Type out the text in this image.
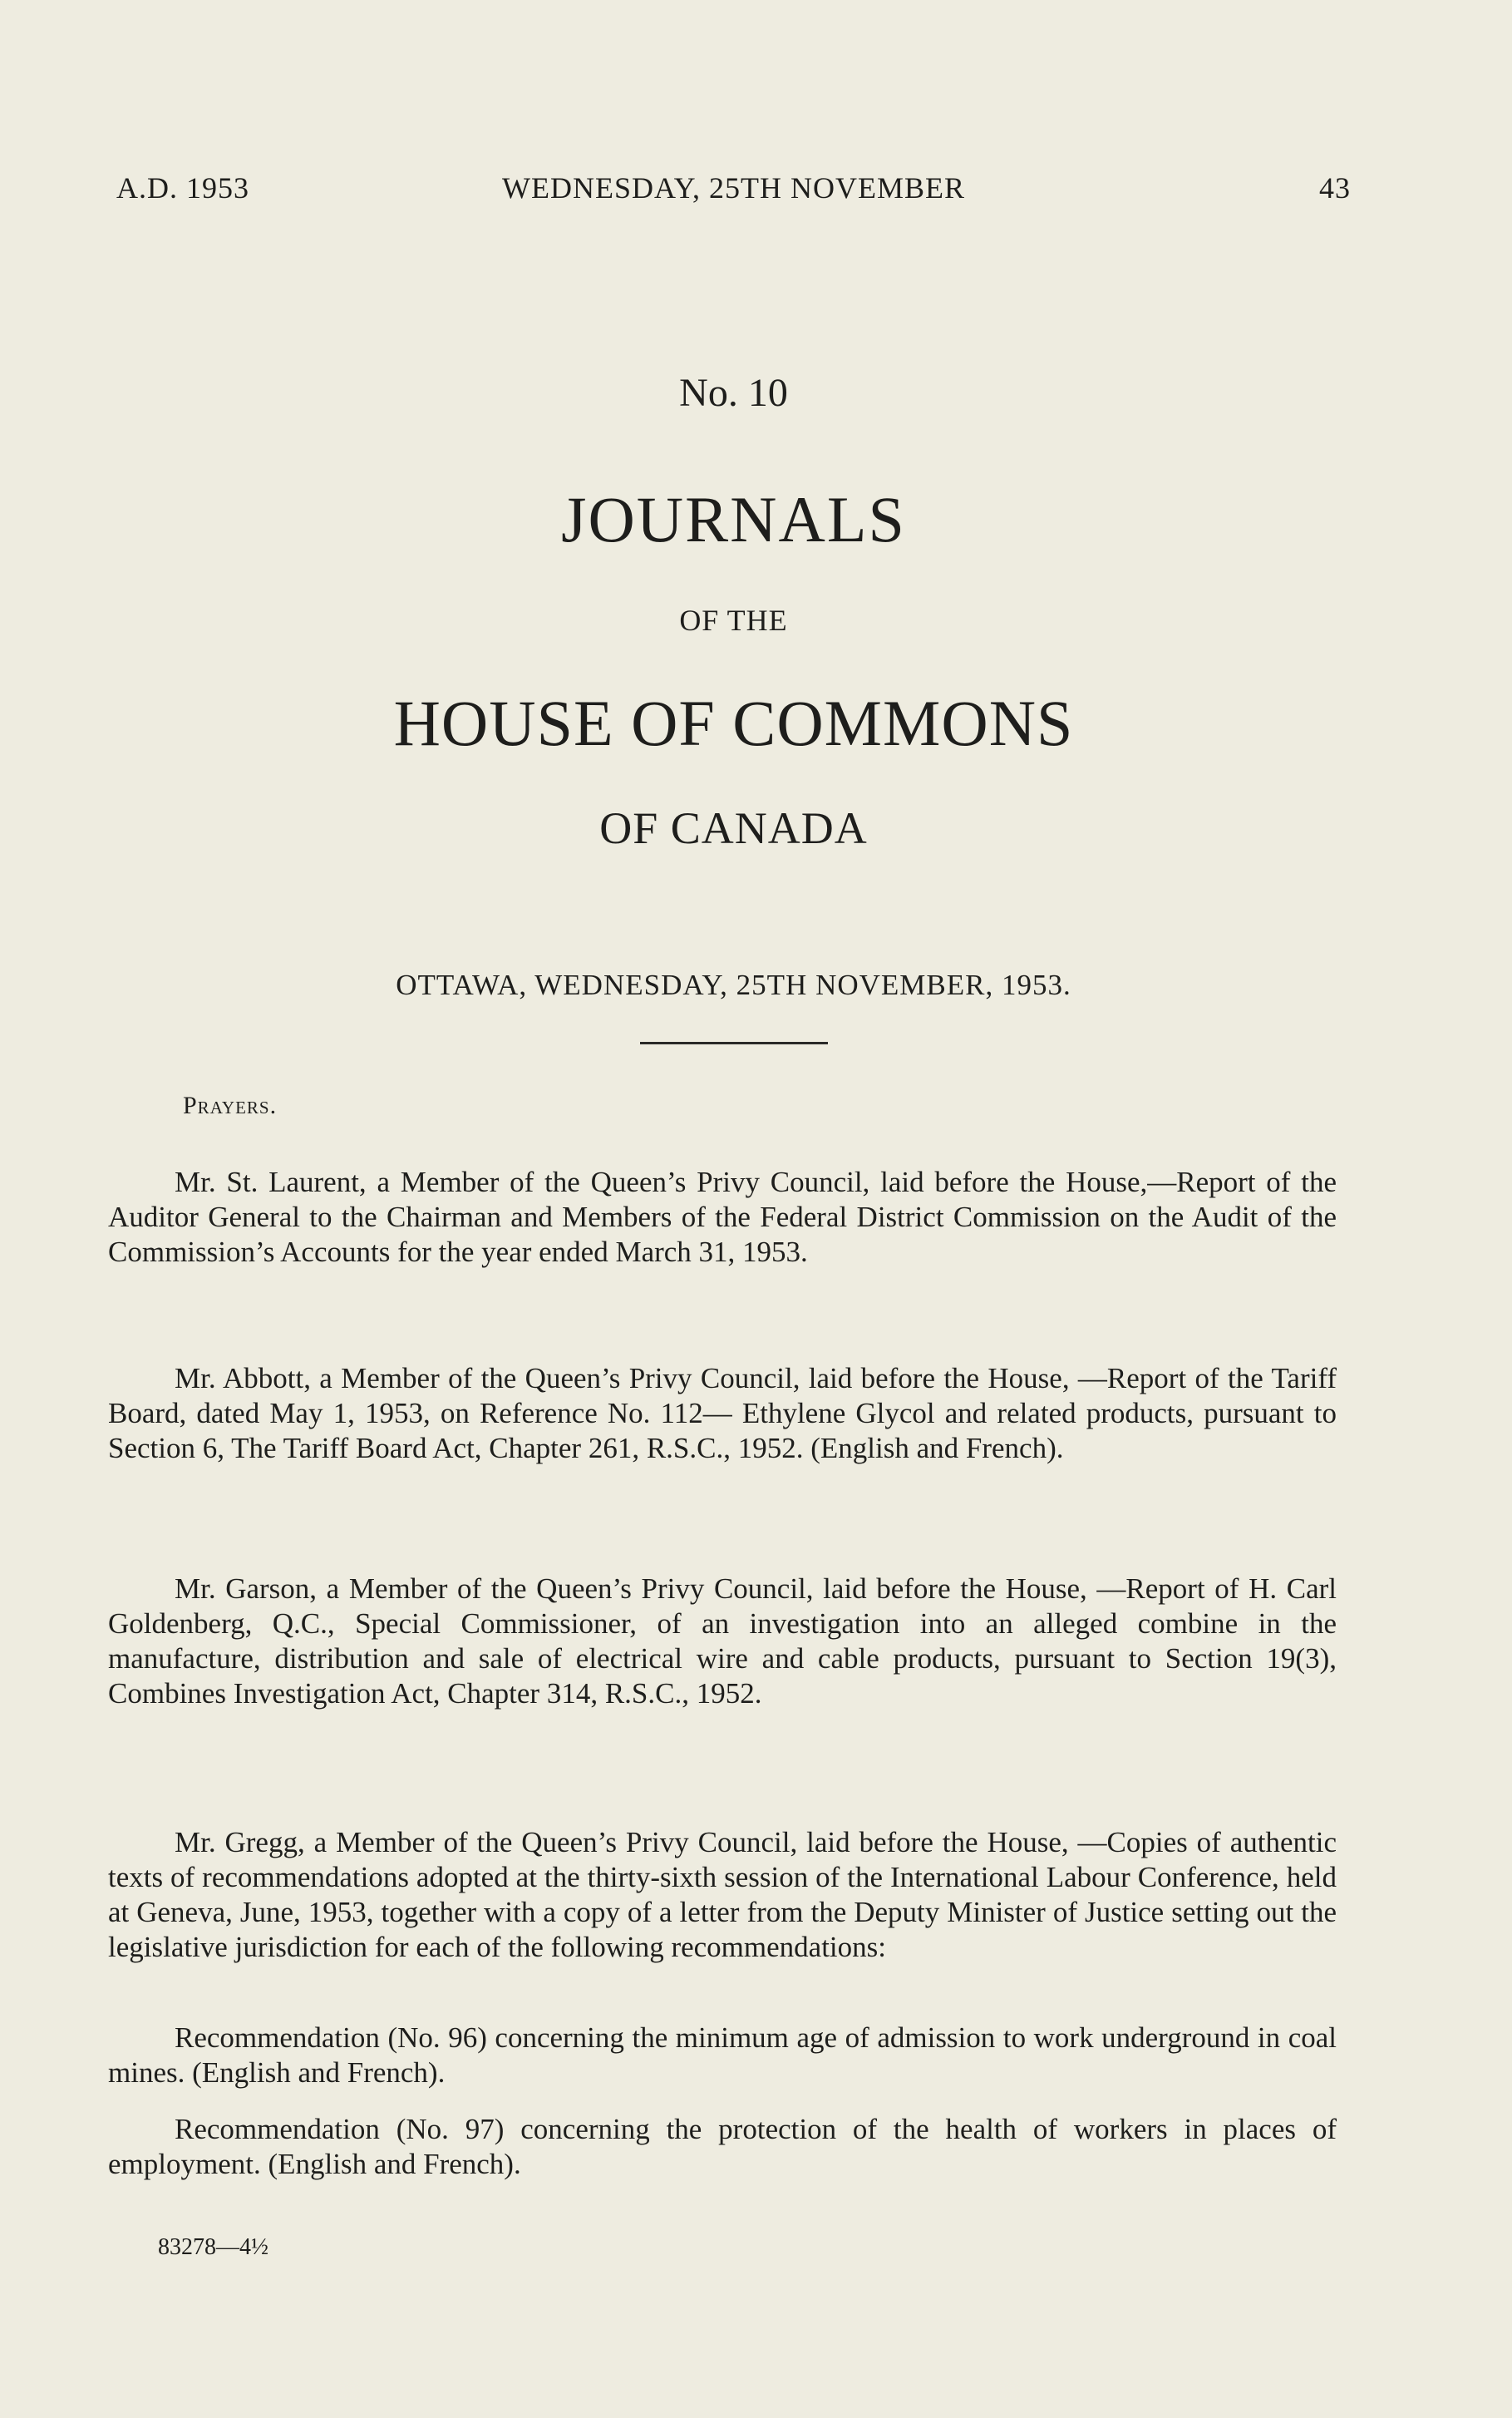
A.D. 1953	WEDNESDAY, 25TH NOVEMBER	43
No. 10
JOURNALS
OF THE
HOUSE OF COMMONS
OF CANADA
OTTAWA, WEDNESDAY, 25TH NOVEMBER, 1953.
Prayers.

Mr. St. Laurent, a Member of the Queen’s Privy Council, laid before the House,—Report of the Auditor General to the Chairman and Members of the Federal District Commission on the Audit of the Commission’s Accounts for the year ended March 31, 1953.

Mr. Abbott, a Member of the Queen’s Privy Council, laid before the House, —Report of the Tariff Board, dated May 1, 1953, on Reference No. 112— Ethylene Glycol and related products, pursuant to Section 6, The Tariff Board Act, Chapter 261, R.S.C., 1952. (English and French).

Mr. Garson, a Member of the Queen’s Privy Council, laid before the House, —Report of H. Carl Goldenberg, Q.C., Special Commissioner, of an investigation into an alleged combine in the manufacture, distribution and sale of electrical wire and cable products, pursuant to Section 19(3), Combines Investigation Act, Chapter 314, R.S.C., 1952.

Mr. Gregg, a Member of the Queen’s Privy Council, laid before the House, —Copies of authentic texts of recommendations adopted at the thirty-sixth session of the International Labour Conference, held at Geneva, June, 1953, together with a copy of a letter from the Deputy Minister of Justice setting out the legislative jurisdiction for each of the following recommendations:

Recommendation (No. 96) concerning the minimum age of admission to work underground in coal mines. (English and French).

Recommendation (No. 97) concerning the protection of the health of workers in places of employment. (English and French).

83278—4½
